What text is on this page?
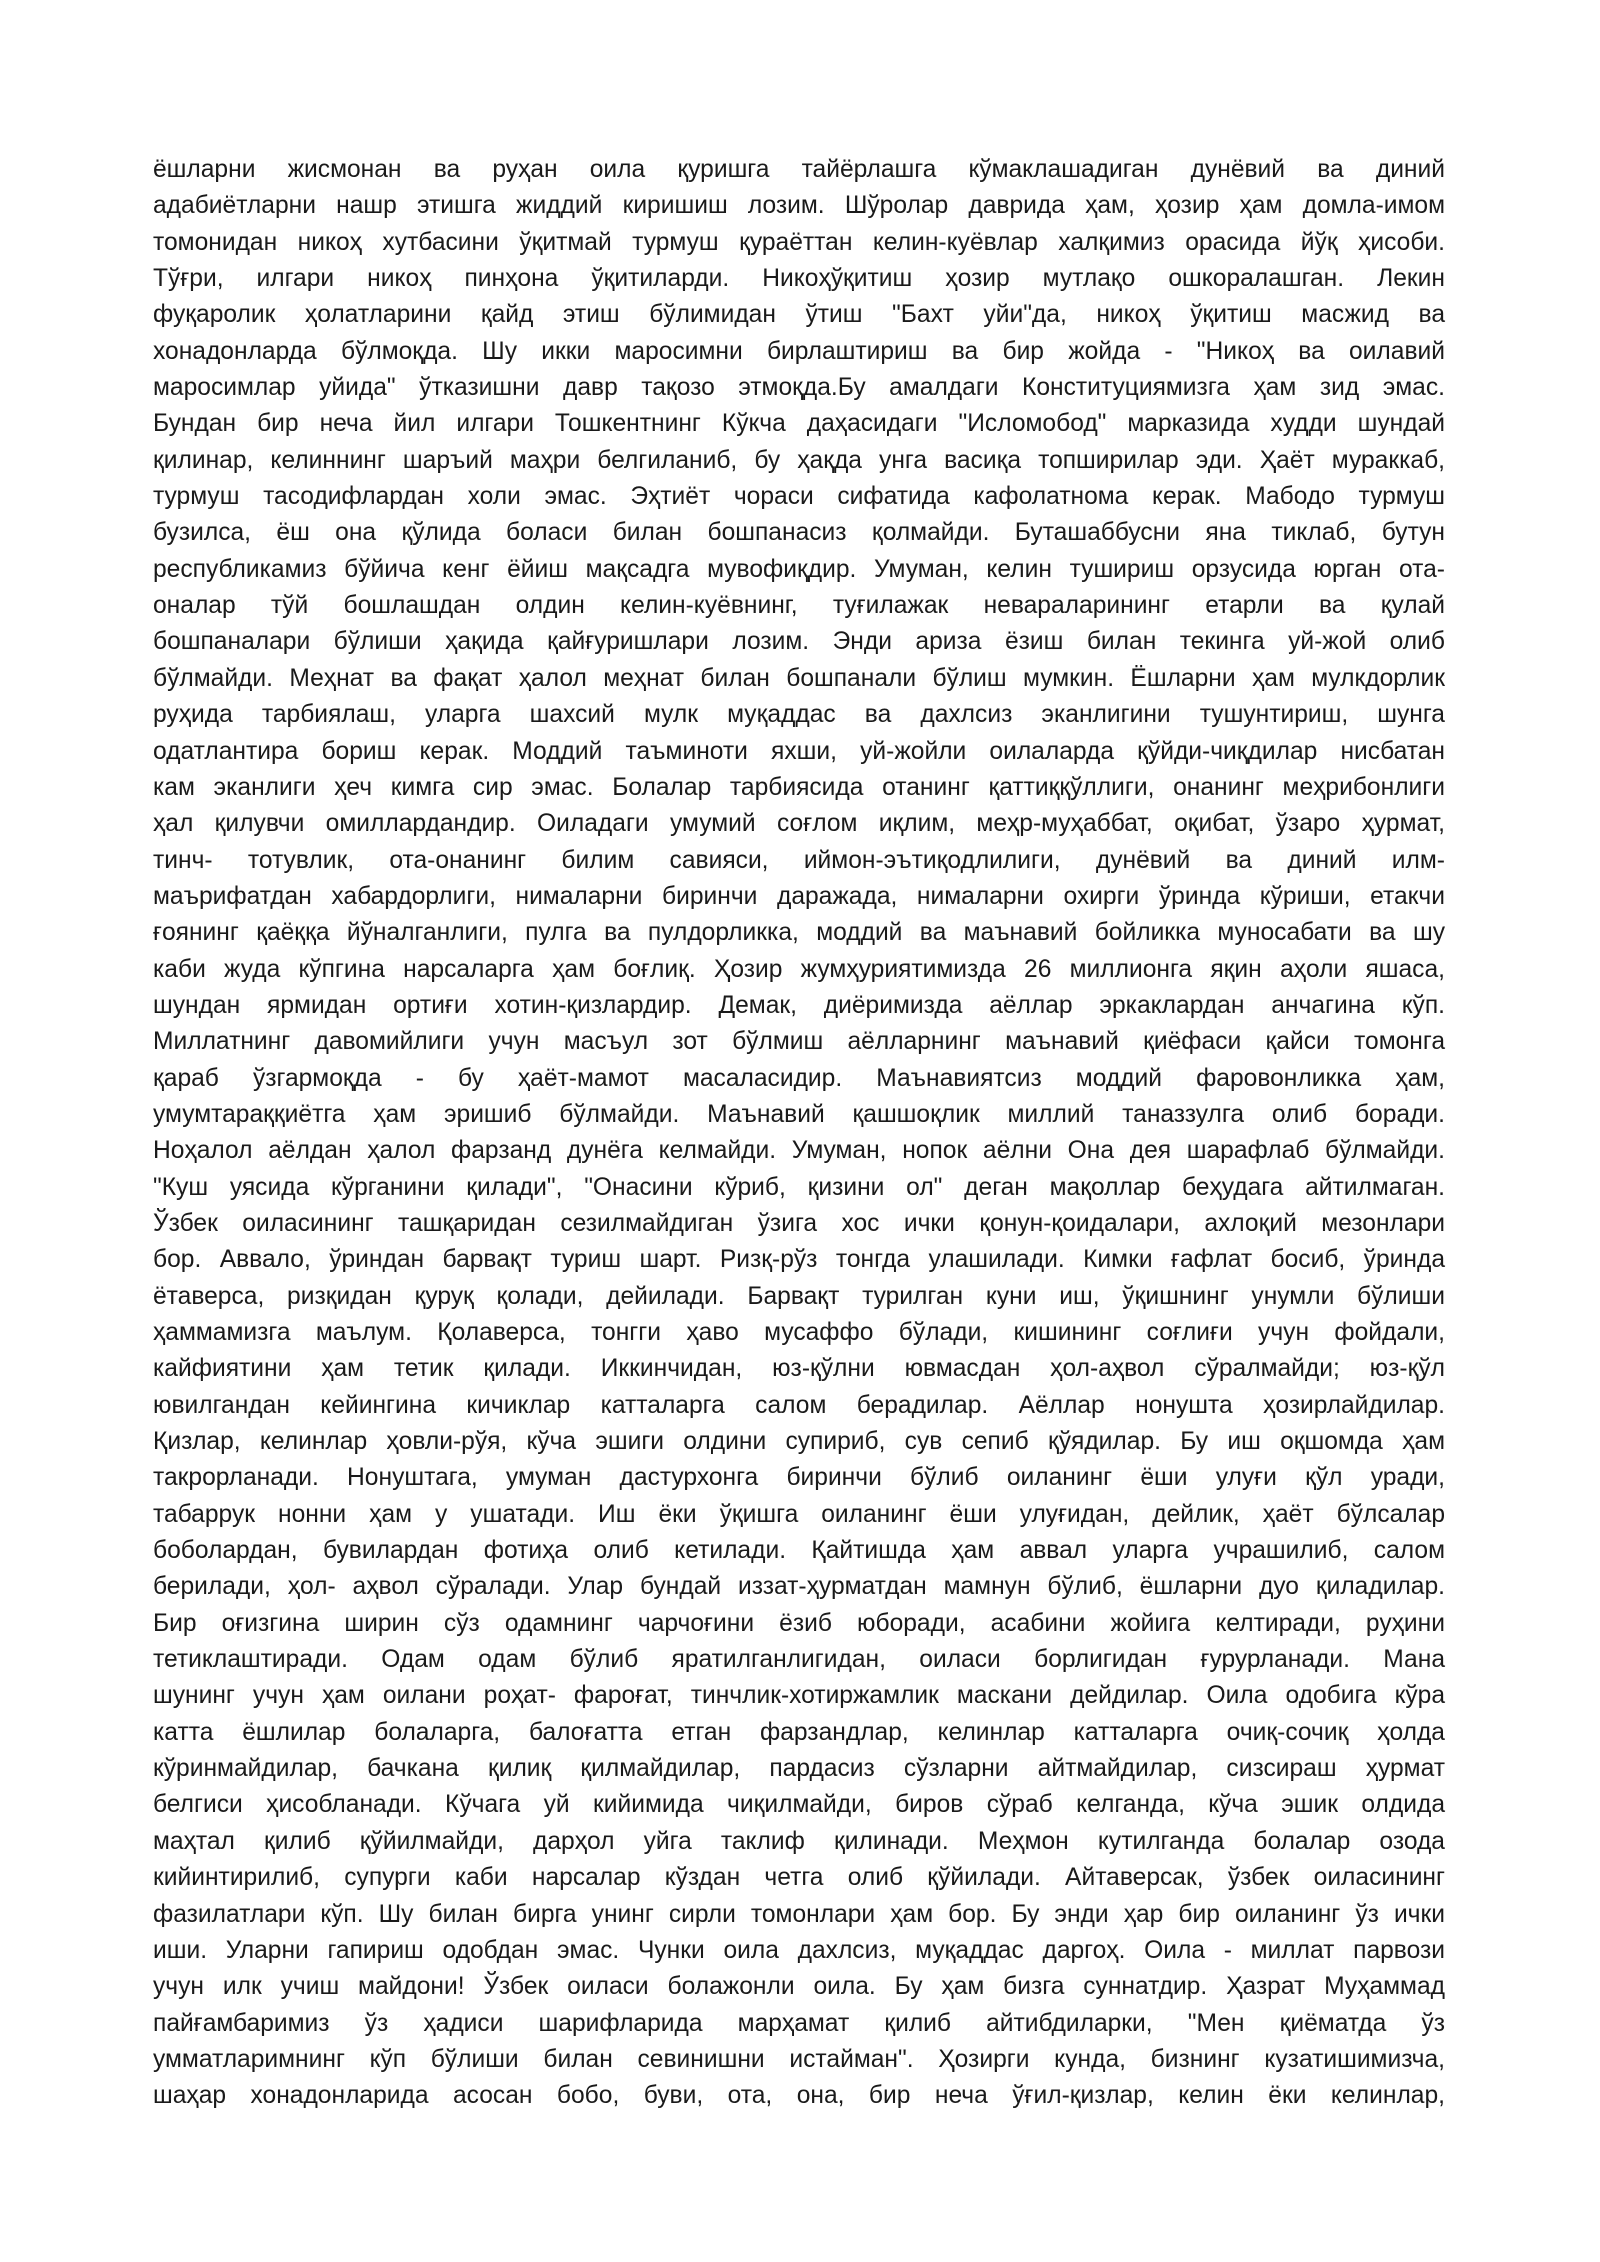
ёшларни жисмонан ва руҳан оила қуришга тайёрлашга кўмаклашадиган дунёвий ва диний
адабиётларни нашр этишга жиддий киришиш лозим. Шўролар даврида ҳам, ҳозир ҳам домла-имом
томонидан никоҳ хутбасини ўқитмай турмуш қураёттан келин-куёвлар халқимиз орасида йўқ ҳисоби.
Тўғри, илгари никоҳ пинҳона ўқитиларди. Никоҳўқитиш ҳозир мутлақо ошкоралашган. Лекин
фуқаролик ҳолатларини қайд этиш бўлимидан ўтиш "Бахт уйи"да, никоҳ ўқитиш масжид ва
хонадонларда бўлмоқда. Шу икки маросимни бирлаштириш ва бир жойда - "Никоҳ ва оилавий
маросимлар уйида" ўтказишни давр тақозо этмоқда.Бу амалдаги Конституциямизга ҳам зид эмас.
Бундан бир неча йил илгари Тошкентнинг Кўкча даҳасидаги "Исломобод" марказида худди шундай
қилинар, келиннинг шаръий маҳри белгиланиб, бу ҳақда унга васиқа топширилар эди. Ҳаёт мураккаб,
турмуш тасодифлардан холи эмас. Эҳтиёт чораси сифатида кафолатнома керак. Мабодо турмуш
бузилса, ёш она қўлида боласи билан бошпанасиз қолмайди. Буташаббусни яна тиклаб, бутун
республикамиз бўйича кенг ёйиш мақсадга мувофиқдир. Умуман, келин тушириш орзусида юрган ота-
оналар тўй бошлашдан олдин келин-куёвнинг, туғилажак невараларининг етарли ва қулай
бошпаналари бўлиши ҳақида қайғуришлари лозим. Энди ариза ёзиш билан текинга уй-жой олиб
бўлмайди. Меҳнат ва фақат ҳалол меҳнат билан бошпанали бўлиш мумкин. Ёшларни ҳам мулкдорлик
руҳида тарбиялаш, уларга шахсий мулк муқаддас ва дахлсиз эканлигини тушунтириш, шунга
одатлантира бориш керак. Моддий таъминоти яхши, уй-жойли оилаларда қўйди-чиқдилар нисбатан
кам эканлиги ҳеч кимга сир эмас. Болалар тарбиясида отанинг қаттиққўллиги, онанинг меҳрибонлиги
ҳал қилувчи омиллардандир. Оиладаги умумий соғлом иқлим, меҳр-муҳаббат, оқибат, ўзаро ҳурмат,
тинч- тотувлик, ота-онанинг билим савияси, иймон-эътиқодлилиги, дунёвий ва диний илм-
маърифатдан хабардорлиги, нималарни биринчи даражада, нималарни охирги ўринда кўриши, етакчи
ғоянинг қаёққа йўналганлиги, пулга ва пулдорликка, моддий ва маънавий бойликка муносабати ва шу
каби жуда кўпгина нарсаларга ҳам боғлиқ. Ҳозир жумҳуриятимизда 26 миллионга яқин аҳоли яшаса,
шундан ярмидан ортиғи хотин-қизлардир. Демак, диёримизда аёллар эркаклардан анчагина кўп.
Миллатнинг давомийлиги учун масъул зот бўлмиш аёлларнинг маънавий қиёфаси қайси томонга
қараб ўзгармоқда - бу ҳаёт-мамот масаласидир. Маънавиятсиз моддий фаровонликка ҳам,
умумтараққиётга ҳам эришиб бўлмайди. Маънавий қашшоқлик миллий таназзулга олиб боради.
Ноҳалол аёлдан ҳалол фарзанд дунёга келмайди. Умуман, нопок аёлни Она дея шарафлаб бўлмайди.
"Куш уясида кўрганини қилади", "Онасини кўриб, қизини ол" деган мақоллар беҳудага айтилмаган.
Ўзбек оиласининг ташқаридан сезилмайдиган ўзига хос ички қонун-қоидалари, ахлоқий мезонлари
бор. Аввало, ўриндан барвақт туриш шарт. Ризқ-рўз тонгда улашилади. Кимки ғафлат босиб, ўринда
ётаверса, ризқидан қуруқ қолади, дейилади. Барвақт турилган куни иш, ўқишнинг унумли бўлиши
ҳаммамизга маълум. Қолаверса, тонгги ҳаво мусаффо бўлади, кишининг соғлиғи учун фойдали,
кайфиятини ҳам тетик қилади. Иккинчидан, юз-қўлни ювмасдан ҳол-аҳвол сўралмайди; юз-қўл
ювилгандан кейингина кичиклар катталарга салом берадилар. Аёллар нонушта ҳозирлайдилар.
Қизлар, келинлар ҳовли-рўя, кўча эшиги олдини супириб, сув сепиб қўядилар. Бу иш оқшомда ҳам
такрорланади. Нонуштага, умуман дастурхонга биринчи бўлиб оиланинг ёши улуғи қўл уради,
табаррук нонни ҳам у ушатади. Иш ёки ўқишга оиланинг ёши улуғидан, дейлик, ҳаёт бўлсалар
боболардан, бувилардан фотиҳа олиб кетилади. Қайтишда ҳам аввал уларга учрашилиб, салом
берилади, ҳол- аҳвол сўралади. Улар бундай иззат-ҳурматдан мамнун бўлиб, ёшларни дуо қиладилар.
Бир оғизгина ширин сўз одамнинг чарчоғини ёзиб юборади, асабини жойига келтиради, руҳини
тетиклаштиради. Одам одам бўлиб яратилганлигидан, оиласи борлигидан ғурурланади. Мана
шунинг учун ҳам оилани роҳат- фароғат, тинчлик-хотиржамлик маскани дейдилар. Оила одобига кўра
катта ёшлилар болаларга, балоғатта етган фарзандлар, келинлар катталарга очиқ-сочиқ ҳолда
кўринмайдилар, бачкана қилиқ қилмайдилар, пардасиз сўзларни айтмайдилар, сизсираш ҳурмат
белгиси ҳисобланади. Кўчага уй кийимида чиқилмайди, биров сўраб келганда, кўча эшик олдида
маҳтал қилиб қўйилмайди, дарҳол уйга таклиф қилинади. Меҳмон кутилганда болалар озода
кийинтирилиб, супурги каби нарсалар кўздан четга олиб қўйилади. Айтаверсак, ўзбек оиласининг
фазилатлари кўп. Шу билан бирга унинг сирли томонлари ҳам бор. Бу энди ҳар бир оиланинг ўз ички
иши. Уларни гапириш одобдан эмас. Чунки оила дахлсиз, муқаддас даргоҳ. Оила - миллат парвози
учун илк учиш майдони! Ўзбек оиласи болажонли оила. Бу ҳам бизга суннатдир. Ҳазрат Муҳаммад
пайғамбаримиз ўз ҳадиси шарифларида марҳамат қилиб айтибдиларки, "Мен қиёматда ўз
умматларимнинг кўп бўлиши билан севинишни истайман". Ҳозирги кунда, бизнинг кузатишимизча,
шаҳар хонадонларида асосан бобо, буви, ота, она, бир неча ўғил-қизлар, келин ёки келинлар,
